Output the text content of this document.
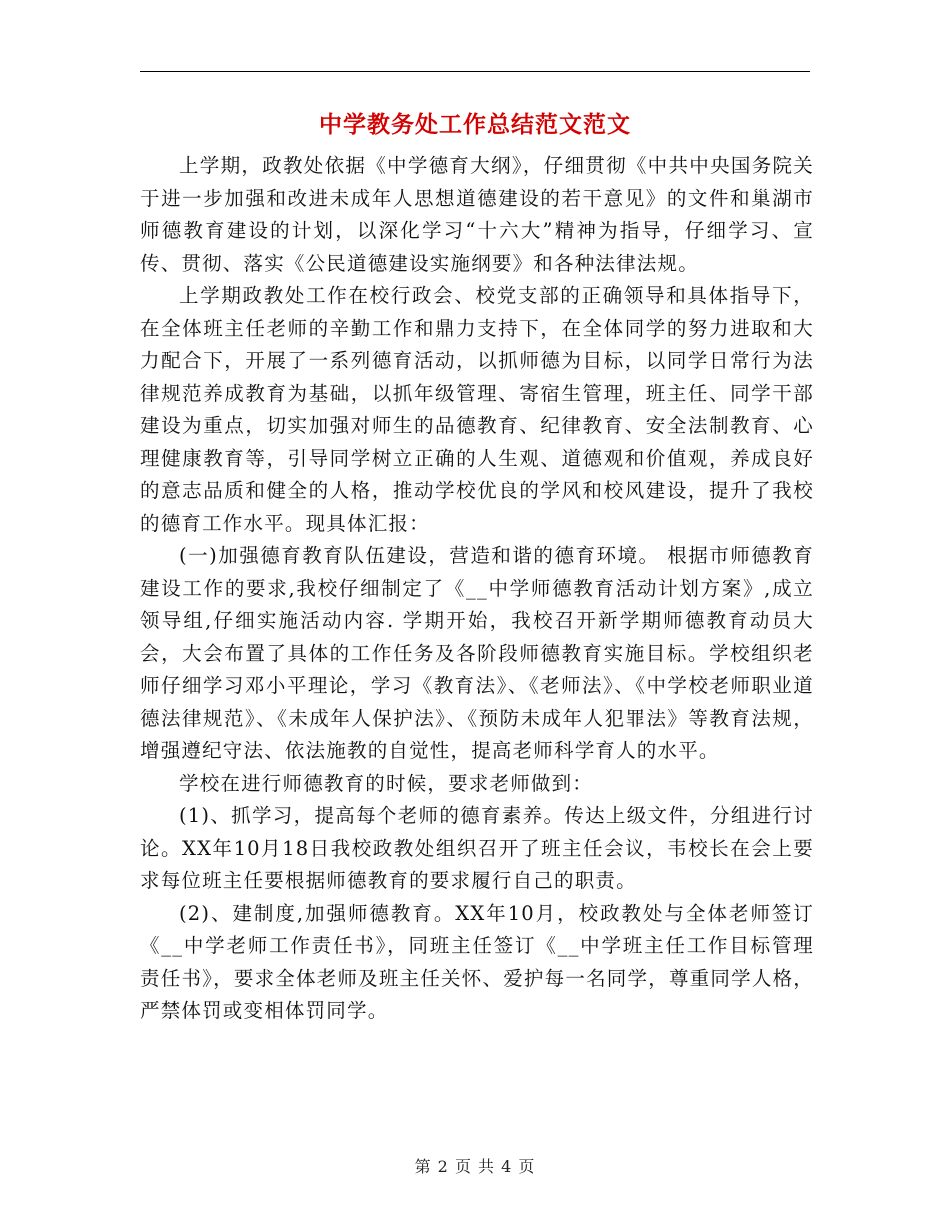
中学教务处工作总结范文范文

上学期，政教处依据《中学德育大纲》，仔细贯彻《中共中央国务院关于进一步加强和改进未成年人思想道德建设的若干意见》的文件和巢湖市师德教育建设的计划，以深化学习“十六大”精神为指导，仔细学习、宣传、贯彻、落实《公民道德建设实施纲要》和各种法律法规。

上学期政教处工作在校行政会、校党支部的正确领导和具体指导下，在全体班主任老师的辛勤工作和鼎力支持下，在全体同学的努力进取和大力配合下，开展了一系列德育活动，以抓师德为目标，以同学日常行为法律规范养成教育为基础，以抓年级管理、寄宿生管理，班主任、同学干部建设为重点，切实加强对师生的品德教育、纪律教育、安全法制教育、心理健康教育等，引导同学树立正确的人生观、道德观和价值观，养成良好的意志品质和健全的人格，推动学校优良的学风和校风建设，提升了我校的德育工作水平。现具体汇报：

(一)加强德育教育队伍建设，营造和谐的德育环境。 根据市师德教育建设工作的要求,我校仔细制定了《__中学师德教育活动计划方案》,成立领导组,仔细实施活动内容. 学期开始，我校召开新学期师德教育动员大会，大会布置了具体的工作任务及各阶段师德教育实施目标。学校组织老师仔细学习邓小平理论，学习《教育法》、《老师法》、《中学校老师职业道德法律规范》、《未成年人保护法》、《预防未成年人犯罪法》等教育法规，增强遵纪守法、依法施教的自觉性，提高老师科学育人的水平。

学校在进行师德教育的时候，要求老师做到：

(1)、抓学习，提高每个老师的德育素养。传达上级文件，分组进行讨论。XX年10月18日我校政教处组织召开了班主任会议，韦校长在会上要求每位班主任要根据师德教育的要求履行自己的职责。

(2)、建制度,加强师德教育。XX年10月，校政教处与全体老师签订《__中学老师工作责任书》，同班主任签订《__中学班主任工作目标管理责任书》，要求全体老师及班主任关怀、爱护每一名同学，尊重同学人格，严禁体罚或变相体罚同学。

第 2 页 共 4 页
